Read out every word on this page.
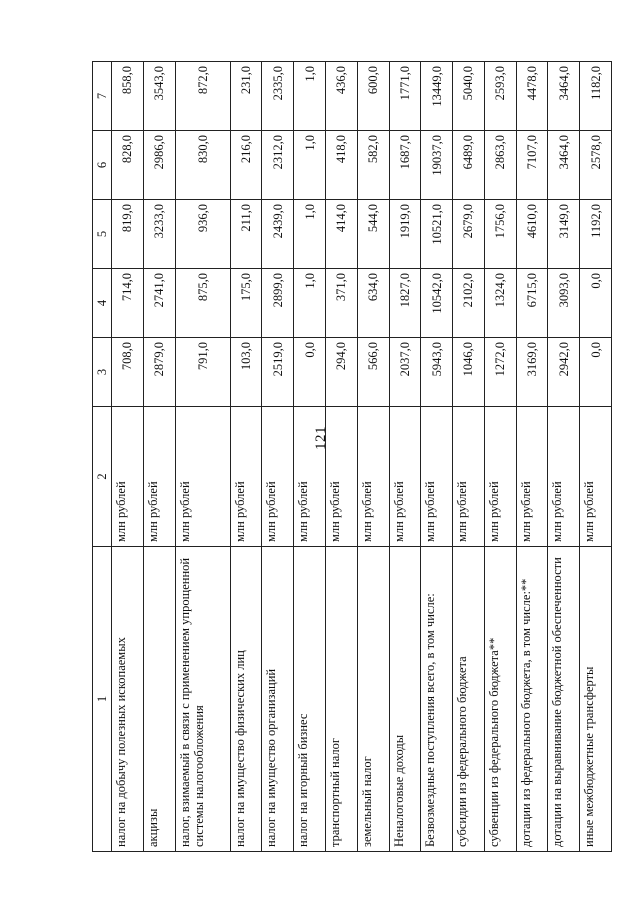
121
1	2	3	4	5	6	7
налог на добычу полезных ископаемых	млн рублей	708,0	714,0	819,0	828,0	858,0
акцизы	млн рублей	2879,0	2741,0	3233,0	2986,0	3543,0
налог, взимаемый в связи с применением упрощенной системы налогообложения	млн рублей	791,0	875,0	936,0	830,0	872,0
налог на имущество физических лиц	млн рублей	103,0	175,0	211,0	216,0	231,0
налог на имущество организаций	млн рублей	2519,0	2899,0	2439,0	2312,0	2335,0
налог на игорный бизнес	млн рублей	0,0	1,0	1,0	1,0	1,0
транспортный налог	млн рублей	294,0	371,0	414,0	418,0	436,0
земельный налог	млн рублей	566,0	634,0	544,0	582,0	600,0
Неналоговые доходы	млн рублей	2037,0	1827,0	1919,0	1687,0	1771,0
Безвозмездные поступления всего, в том числе:	млн рублей	5943,0	10542,0	10521,0	19037,0	13449,0
субсидии из федерального бюджета	млн рублей	1046,0	2102,0	2679,0	6489,0	5040,0
субвенции из федерального бюджета**	млн рублей	1272,0	1324,0	1756,0	2863,0	2593,0
дотации из федерального бюджета, в том числе:**	млн рублей	3169,0	6715,0	4610,0	7107,0	4478,0
дотации на выравнивание бюджетной обеспеченности	млн рублей	2942,0	3093,0	3149,0	3464,0	3464,0
иные межбюджетные трансферты	млн рублей	0,0	0,0	1192,0	2578,0	1182,0
